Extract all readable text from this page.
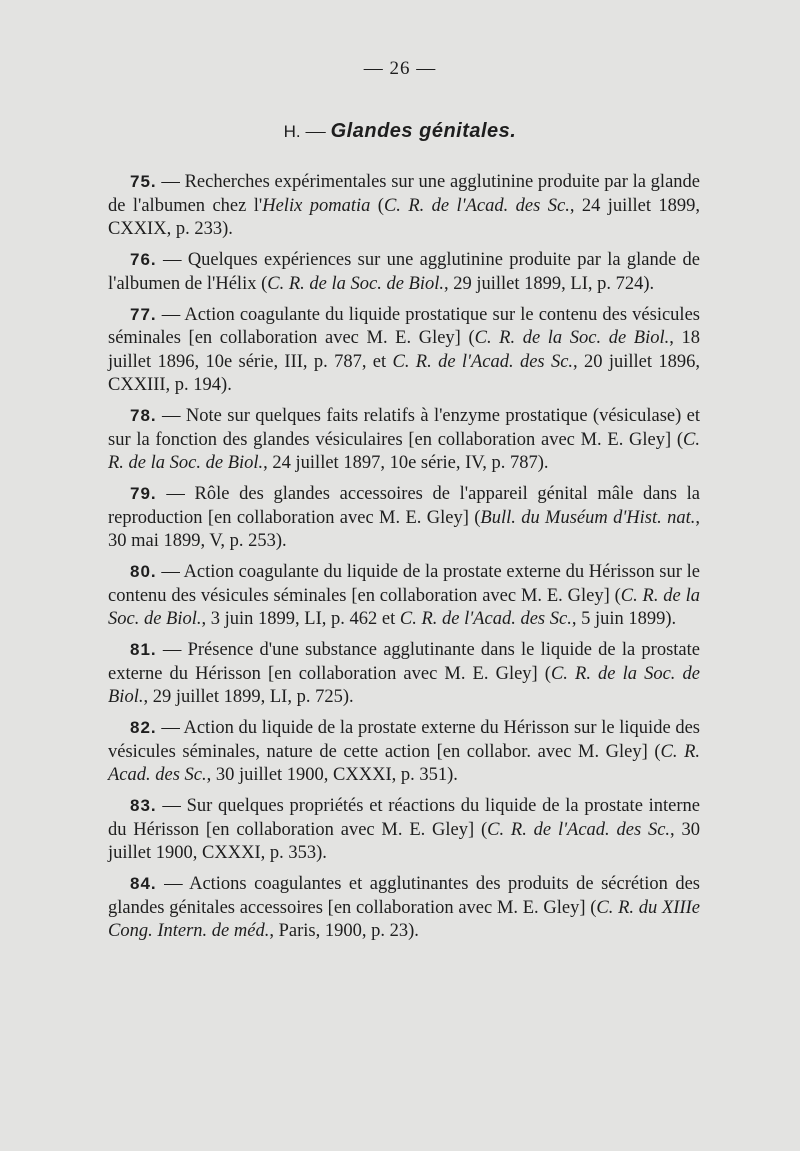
— 26 —
H. — Glandes génitales.

75. — Recherches expérimentales sur une agglutinine produite par la glande de l'albumen chez l'Helix pomatia (C. R. de l'Acad. des Sc., 24 juillet 1899, CXXIX, p. 233).

76. — Quelques expériences sur une agglutinine produite par la glande de l'albumen de l'Hélix (C. R. de la Soc. de Biol., 29 juillet 1899, LI, p. 724).

77. — Action coagulante du liquide prostatique sur le contenu des vésicules séminales [en collaboration avec M. E. Gley] (C. R. de la Soc. de Biol., 18 juillet 1896, 10e série, III, p. 787, et C. R. de l'Acad. des Sc., 20 juillet 1896, CXXIII, p. 194).

78. — Note sur quelques faits relatifs à l'enzyme prostatique (vésiculase) et sur la fonction des glandes vésiculaires [en collaboration avec M. E. Gley] (C. R. de la Soc. de Biol., 24 juillet 1897, 10e série, IV, p. 787).

79. — Rôle des glandes accessoires de l'appareil génital mâle dans la reproduction [en collaboration avec M. E. Gley] (Bull. du Muséum d'Hist. nat., 30 mai 1899, V, p. 253).

80. — Action coagulante du liquide de la prostate externe du Hérisson sur le contenu des vésicules séminales [en collaboration avec M. E. Gley] (C. R. de la Soc. de Biol., 3 juin 1899, LI, p. 462 et C. R. de l'Acad. des Sc., 5 juin 1899).

81. — Présence d'une substance agglutinante dans le liquide de la prostate externe du Hérisson [en collaboration avec M. E. Gley] (C. R. de la Soc. de Biol., 29 juillet 1899, LI, p. 725).

82. — Action du liquide de la prostate externe du Hérisson sur le liquide des vésicules séminales, nature de cette action [en collabor. avec M. Gley] (C. R. Acad. des Sc., 30 juillet 1900, CXXXI, p. 351).

83. — Sur quelques propriétés et réactions du liquide de la prostate interne du Hérisson [en collaboration avec M. E. Gley] (C. R. de l'Acad. des Sc., 30 juillet 1900, CXXXI, p. 353).

84. — Actions coagulantes et agglutinantes des produits de sécrétion des glandes génitales accessoires [en collaboration avec M. E. Gley] (C. R. du XIIIe Cong. Intern. de méd., Paris, 1900, p. 23).
